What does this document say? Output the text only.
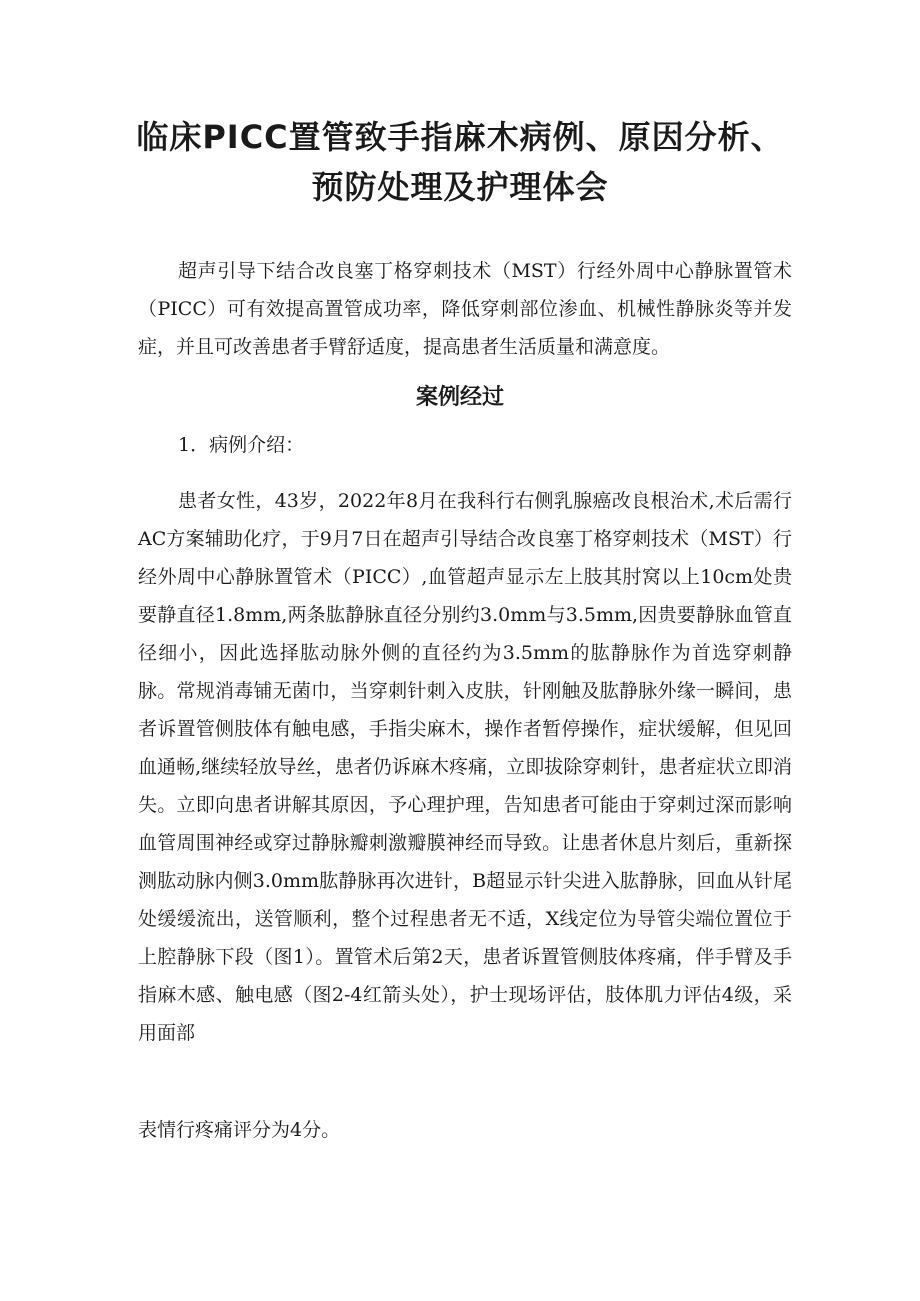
临床PICC置管致手指麻木病例、原因分析、
预防处理及护理体会

超声引导下结合改良塞丁格穿刺技术（MST）行经外周中心静脉置管术（PICC）可有效提高置管成功率，降低穿刺部位渗血、机械性静脉炎等并发症，并且可改善患者手臂舒适度，提高患者生活质量和满意度。

案例经过

1．病例介绍：

患者女性，43岁，2022年8月在我科行右侧乳腺癌改良根治术,术后需行AC方案辅助化疗，于9月7日在超声引导结合改良塞丁格穿刺技术（MST）行经外周中心静脉置管术（PICC）,血管超声显示左上肢其肘窝以上10cm处贵要静直径1.8mm,两条肱静脉直径分别约3.0mm与3.5mm,因贵要静脉血管直径细小，因此选择肱动脉外侧的直径约为3.5mm的肱静脉作为首选穿刺静脉。常规消毒铺无菌巾，当穿刺针刺入皮肤，针刚触及肱静脉外缘一瞬间，患者诉置管侧肢体有触电感，手指尖麻木，操作者暂停操作，症状缓解，但见回血通畅,继续轻放导丝，患者仍诉麻木疼痛，立即拔除穿刺针，患者症状立即消失。立即向患者讲解其原因，予心理护理，告知患者可能由于穿刺过深而影响血管周围神经或穿过静脉瓣刺激瓣膜神经而导致。让患者休息片刻后，重新探测肱动脉内侧3.0mm肱静脉再次进针，B超显示针尖进入肱静脉，回血从针尾处缓缓流出，送管顺利，整个过程患者无不适，X线定位为导管尖端位置位于上腔静脉下段（图1）。置管术后第2天，患者诉置管侧肢体疼痛，伴手臂及手指麻木感、触电感（图2-4红箭头处），护士现场评估，肢体肌力评估4级，采用面部

表情行疼痛评分为4分。
